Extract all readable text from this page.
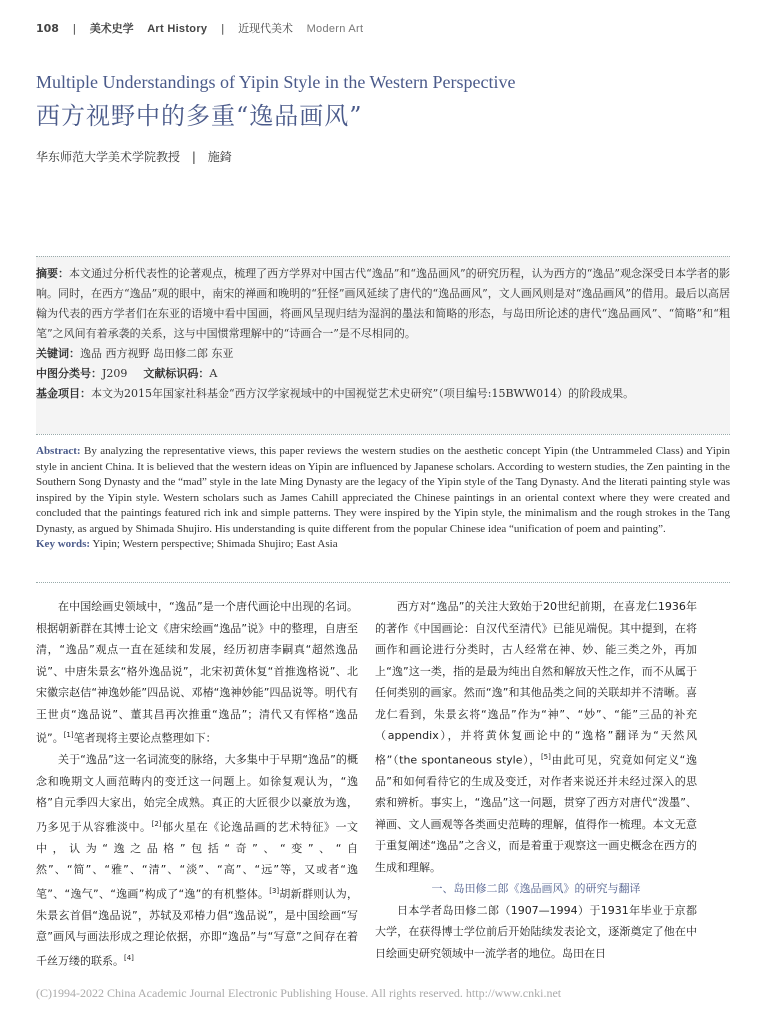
108 | 美术史学 Art History | 近现代美术 Modern Art
Multiple Understandings of Yipin Style in the Western Perspective
西方视野中的多重“逸品画风”
华东师范大学美术学院教授 | 施錡

摘要：本文通过分析代表性的论著观点，梳理了西方学界对中国古代“逸品”和“逸品画风”的研究历程，认为西方的“逸品”观念深受日本学者的影响。同时，在西方“逸品”观的眼中，南宋的禅画和晚明的“狂怪”画风延续了唐代的“逸品画风”，文人画风则是对“逸品画风”的借用。最后以高居翰为代表的西方学者们在东亚的语境中看中国画，将画风呈现归结为湿润的墨法和简略的形态，与岛田所论述的唐代“逸品画风”、“简略”和“粗笔”之风间有着承袭的关系，这与中国惯常理解中的“诗画合一”是不尽相同的。

关键词：逸品 西方视野 岛田修二郎 东亚

中图分类号：J209 文献标识码：A

基金项目：本文为2015年国家社科基金“西方汉学家视域中的中国视觉艺术史研究”（项目编号:15BWW014）的阶段成果。

Abstract: By analyzing the representative views, this paper reviews the western studies on the aesthetic concept Yipin (the Untrammeled Class) and Yipin style in ancient China. It is believed that the western ideas on Yipin are influenced by Japanese scholars. According to western studies, the Zen painting in the Southern Song Dynasty and the “mad” style in the late Ming Dynasty are the legacy of the Yipin style of the Tang Dynasty. And the literati painting style was inspired by the Yipin style. Western scholars such as James Cahill appreciated the Chinese paintings in an oriental context where they were created and concluded that the paintings featured rich ink and simple patterns. They were inspired by the Yipin style, the minimalism and the rough strokes in the Tang Dynasty, as argued by Shimada Shujiro. His understanding is quite different from the popular Chinese idea “unification of poem and painting”.

Key words: Yipin; Western perspective; Shimada Shujiro; East Asia

在中国绘画史领域中，“逸品”是一个唐代画论中出现的名词。根据朝新群在其博士论文《唐宋绘画“逸品”说》中的整理，自唐至清，“逸品”观点一直在延续和发展，经历初唐李嗣真“超然逸品说”、中唐朱景玄“格外逸品说”，北宋初黄休复“首推逸格说”、北宋徽宗赵佶“神逸妙能”四品说、邓椿“逸神妙能”四品说等。明代有王世贞“逸品说”、董其昌再次推重“逸品”；清代又有恽格“逸品说”。[1]笔者现将主要论点整理如下：

关于“逸品”这一名词流变的脉络，大多集中于早期“逸品”的概念和晚期文人画范畴内的变迁这一问题上。如徐复观认为，“逸格”自元季四大家出，始完全成熟。真正的大匠很少以豪放为逸，乃多见于从容雅淡中。[2]郁火星在《论逸品画的艺术特征》一文中，认为“逸之品格”包括“奇”、“变”、“自然”、“简”、“雅”、“清”、“淡”、“高”、“远”等，又或者“逸笔”、“逸气”、“逸画”构成了“逸”的有机整体。[3]胡新群则认为，朱景玄首倡“逸品说”，苏轼及邓椿力倡“逸品说”，是中国绘画“写意”画风与画法形成之理论依据，亦即“逸品”与“写意”之间存在着千丝万缕的联系。[4]

西方对“逸品”的关注大致始于20世纪前期，在喜龙仁1936年的著作《中国画论：自汉代至清代》已能见端倪。其中提到，在将画作和画论进行分类时，古人经常在神、妙、能三类之外，再加上“逸”这一类，指的是最为纯出自然和解放天性之作，而不从属于任何类别的画家。然而“逸”和其他品类之间的关联却并不清晰。喜龙仁看到，朱景玄将“逸品”作为“神”、“妙”、“能”三品的补充（appendix），并将黄休复画论中的“逸格”翻译为“天然风格”（the spontaneous style），[5]由此可见，究竟如何定义“逸品”和如何看待它的生成及变迁，对作者来说还并未经过深入的思索和辨析。事实上，“逸品”这一问题，贯穿了西方对唐代“泼墨”、禅画、文人画观等各类画史范畴的理解，值得作一梳理。本文无意于重复阐述“逸品”之含义，而是着重于观察这一画史概念在西方的生成和理解。

一、岛田修二郎《逸品画风》的研究与翻译

日本学者岛田修二郎（1907—1994）于1931年毕业于京都大学，在获得博士学位前后开始陆续发表论文，逐渐奠定了他在中日绘画史研究领域中一流学者的地位。岛田在日

(C)1994-2022 China Academic Journal Electronic Publishing House. All rights reserved. http://www.cnki.net
